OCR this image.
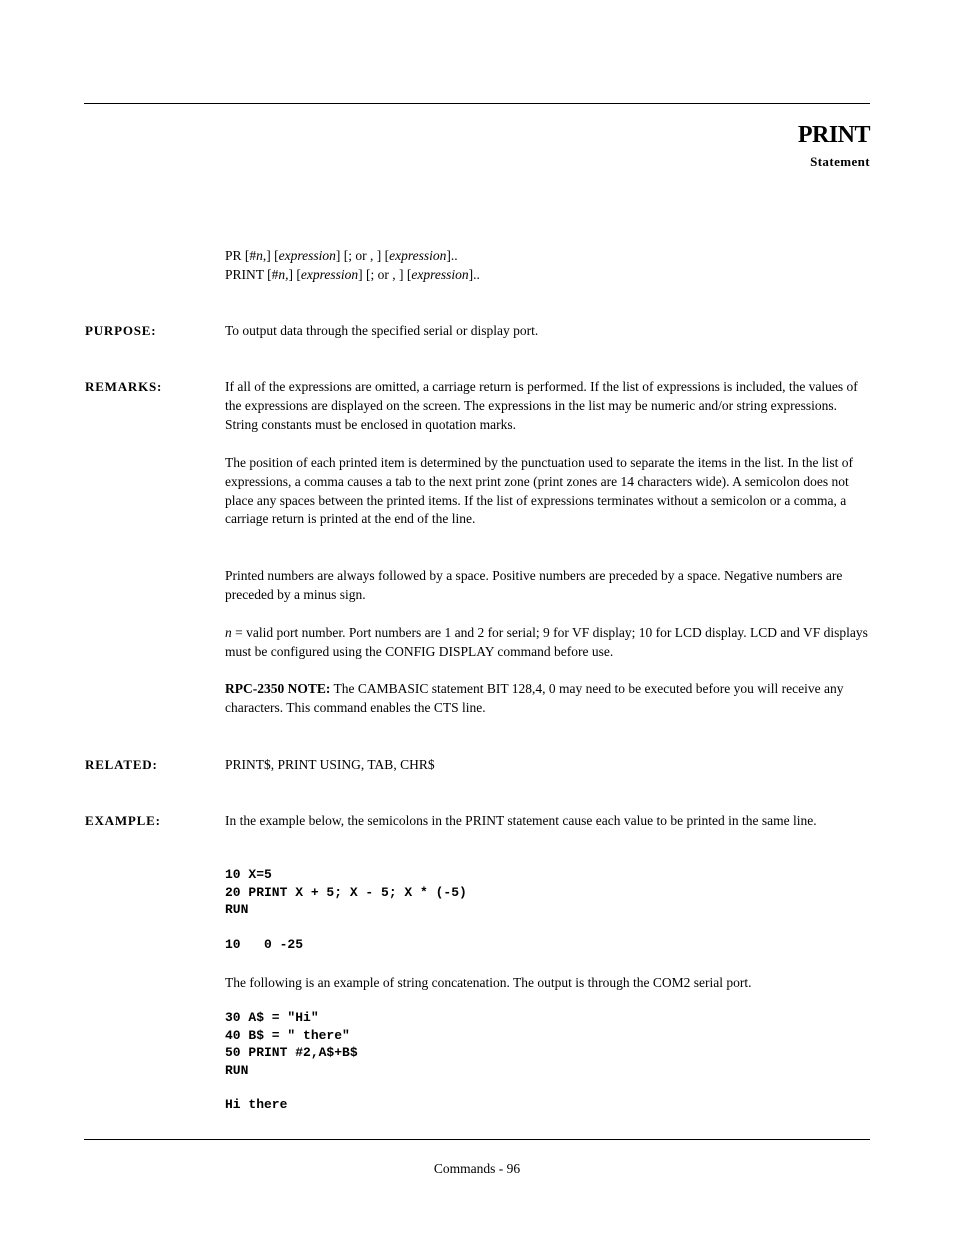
PRINT
Statement
PR [#n,] [expression] [; or , ] [expression]..
PRINT [#n,] [expression] [; or , ] [expression]..
PURPOSE:	To output data through the specified serial or display port.

REMARKS:	If all of the expressions are omitted, a carriage return is performed. If the list of expressions is included, the values of the expressions are displayed on the screen. The expressions in the list may be numeric and/or string expressions. String constants must be enclosed in quotation marks.

The position of each printed item is determined by the punctuation used to separate the items in the list. In the list of expressions, a comma causes a tab to the next print zone (print zones are 14 characters wide). A semicolon does not place any spaces between the printed items. If the list of expressions terminates without a semicolon or a comma, a carriage return is printed at the end of the line.

Printed numbers are always followed by a space. Positive numbers are preceded by a space. Negative numbers are preceded by a minus sign.

n = valid port number. Port numbers are 1 and 2 for serial; 9 for VF display; 10 for LCD display. LCD and VF displays must be configured using the CONFIG DISPLAY command before use.

RPC-2350 NOTE: The CAMBASIC statement BIT 128,4, 0 may need to be executed before you will receive any characters. This command enables the CTS line.

RELATED:	PRINT$, PRINT USING, TAB, CHR$

EXAMPLE:	In the example below, the semicolons in the PRINT statement cause each value to be printed in the same line.

10 X=5
20 PRINT X + 5; X - 5; X * (-5)
RUN
10   0 -25

The following is an example of string concatenation. The output is through the COM2 serial port.

30 A$ = "Hi"
40 B$ = " there"
50 PRINT #2,A$+B$
RUN
Hi there
Commands - 96
